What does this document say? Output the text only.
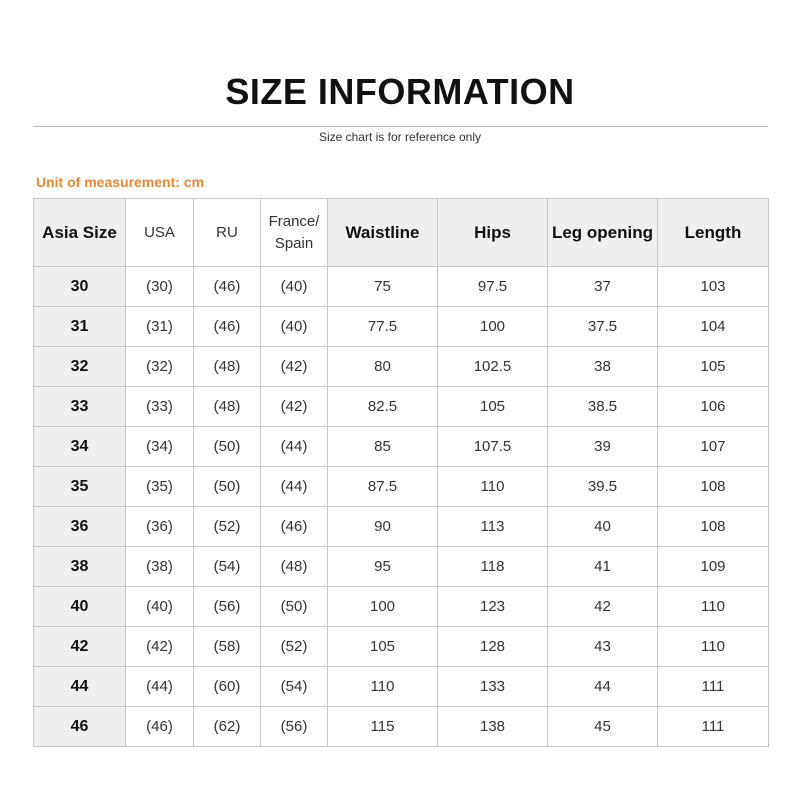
SIZE INFORMATION
Size chart is for reference only
Unit of measurement: cm
Asia Size	USA	RU	France/ Spain	Waistline	Hips	Leg opening	Length
30	(30)	(46)	(40)	75	97.5	37	103
31	(31)	(46)	(40)	77.5	100	37.5	104
32	(32)	(48)	(42)	80	102.5	38	105
33	(33)	(48)	(42)	82.5	105	38.5	106
34	(34)	(50)	(44)	85	107.5	39	107
35	(35)	(50)	(44)	87.5	110	39.5	108
36	(36)	(52)	(46)	90	113	40	108
38	(38)	(54)	(48)	95	118	41	109
40	(40)	(56)	(50)	100	123	42	110
42	(42)	(58)	(52)	105	128	43	110
44	(44)	(60)	(54)	110	133	44	111
46	(46)	(62)	(56)	115	138	45	111
